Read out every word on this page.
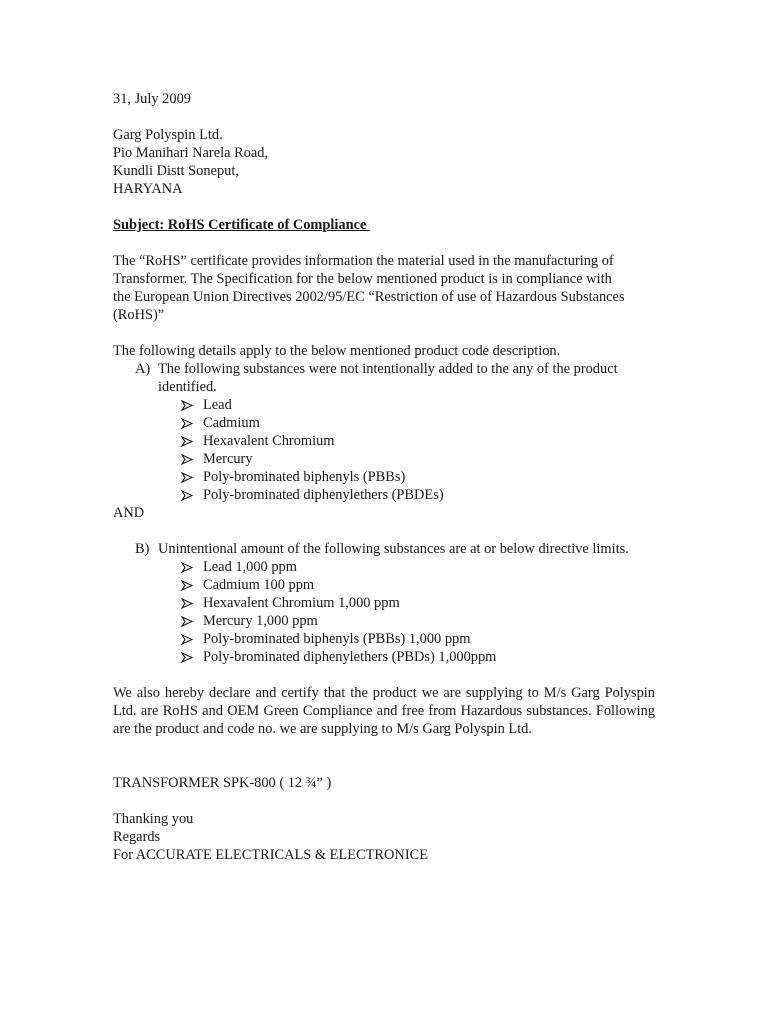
31, July 2009
Garg Polyspin Ltd.
Pio Manihari Narela Road,
Kundli Distt Soneput,
HARYANA
Subject: RoHS Certificate of Compliance
The “RoHS” certificate provides information the material used in the manufacturing of
Transformer. The Specification for the below mentioned product is in compliance with
the European Union Directives 2002/95/EC “Restriction of use of Hazardous Substances
(RoHS)”
The following details apply to the below mentioned product code description.
A) The following substances were not intentionally added to the any of the product
identified.
Lead
Cadmium
Hexavalent Chromium
Mercury
Poly-brominated biphenyls (PBBs)
Poly-brominated diphenylethers (PBDEs)
AND
B) Unintentional amount of the following substances are at or below directive limits.
Lead 1,000 ppm
Cadmium 100 ppm
Hexavalent Chromium 1,000 ppm
Mercury 1,000 ppm
Poly-brominated biphenyls (PBBs) 1,000 ppm
Poly-brominated diphenylethers (PBDs) 1,000ppm
We also hereby declare and certify that the product we are supplying to M/s Garg Polyspin Ltd. are RoHS and OEM Green Compliance and free from Hazardous substances. Following are the product and code no. we are supplying to M/s Garg Polyspin Ltd.
TRANSFORMER SPK-800 ( 12 ¾” )
Thanking you
Regards
For ACCURATE ELECTRICALS & ELECTRONICE
